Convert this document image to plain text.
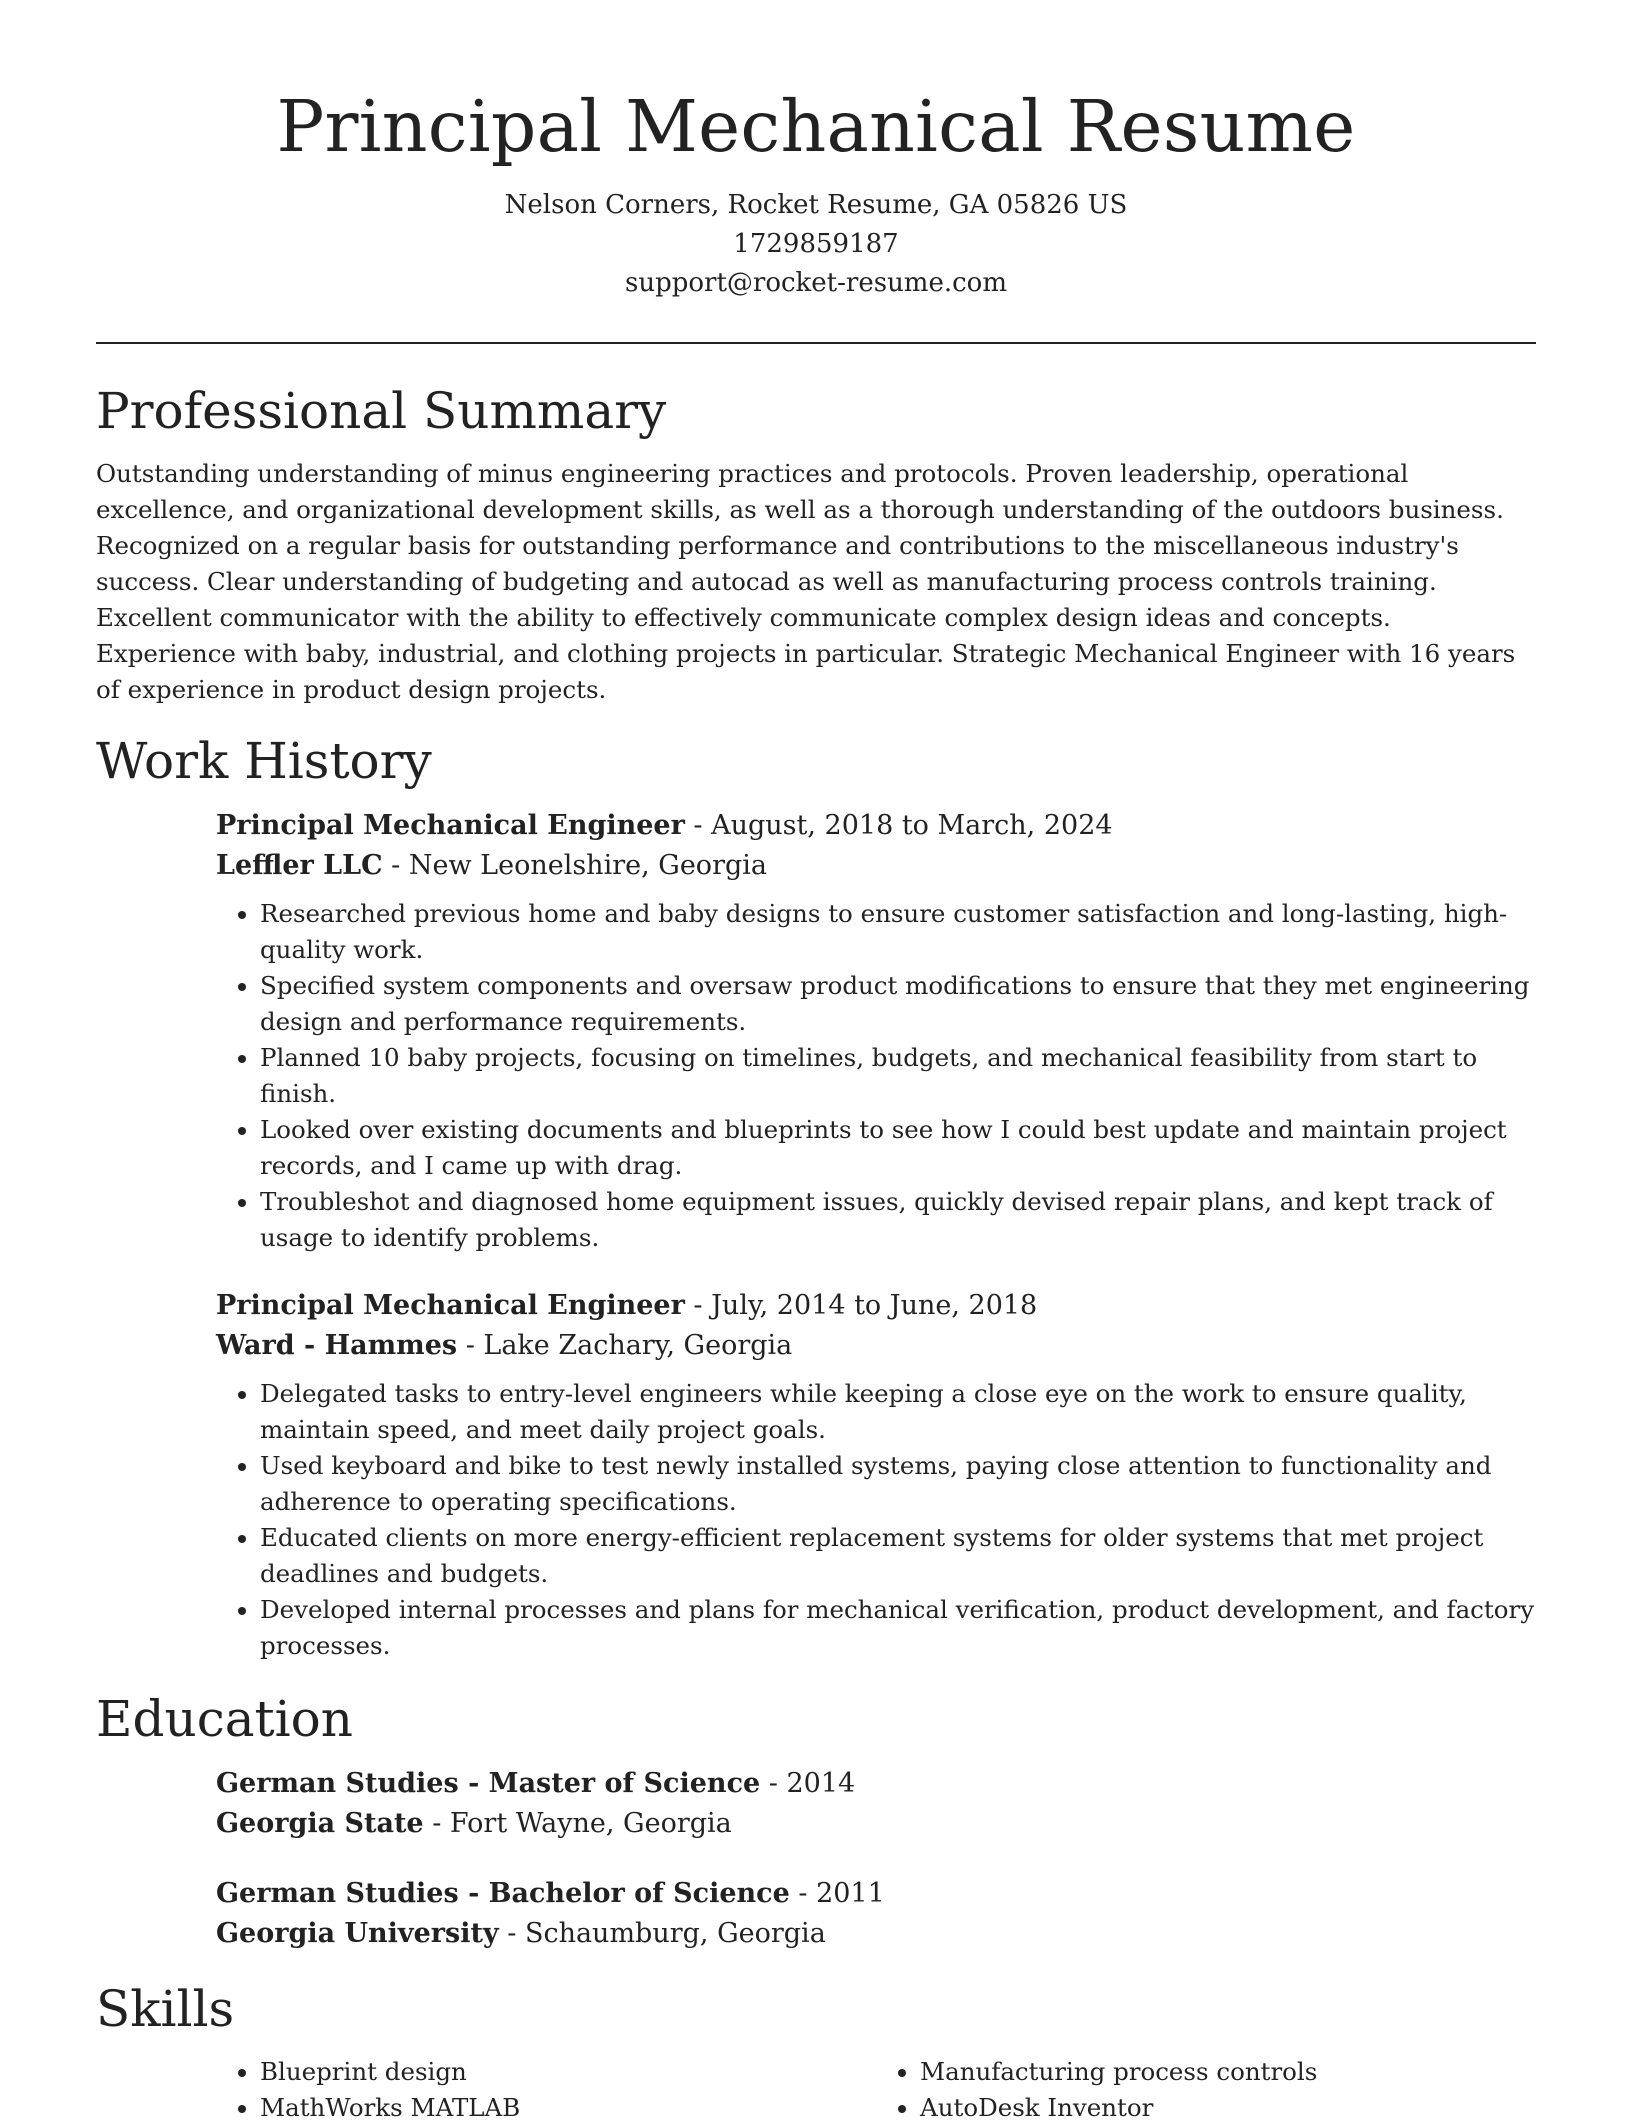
Principal Mechanical Resume
Nelson Corners, Rocket Resume, GA 05826 US
1729859187
support@rocket-resume.com
Professional Summary

Outstanding understanding of minus engineering practices and protocols. Proven leadership, operational excellence, and organizational development skills, as well as a thorough understanding of the outdoors business. Recognized on a regular basis for outstanding performance and contributions to the miscellaneous industry's success. Clear understanding of budgeting and autocad as well as manufacturing process controls training. Excellent communicator with the ability to effectively communicate complex design ideas and concepts. Experience with baby, industrial, and clothing projects in particular. Strategic Mechanical Engineer with 16 years of experience in product design projects.

Work History
Principal Mechanical Engineer - August, 2018 to March, 2024
Leffler LLC - New Leonelshire, Georgia
• Researched previous home and baby designs to ensure customer satisfaction and long-lasting, high-quality work.
• Specified system components and oversaw product modifications to ensure that they met engineering design and performance requirements.
• Planned 10 baby projects, focusing on timelines, budgets, and mechanical feasibility from start to finish.
• Looked over existing documents and blueprints to see how I could best update and maintain project records, and I came up with drag.
• Troubleshot and diagnosed home equipment issues, quickly devised repair plans, and kept track of usage to identify problems.
Principal Mechanical Engineer - July, 2014 to June, 2018
Ward - Hammes - Lake Zachary, Georgia
• Delegated tasks to entry-level engineers while keeping a close eye on the work to ensure quality, maintain speed, and meet daily project goals.
• Used keyboard and bike to test newly installed systems, paying close attention to functionality and adherence to operating specifications.
• Educated clients on more energy-efficient replacement systems for older systems that met project deadlines and budgets.
• Developed internal processes and plans for mechanical verification, product development, and factory processes.
Education
German Studies - Master of Science - 2014
Georgia State - Fort Wayne, Georgia
German Studies - Bachelor of Science - 2011
Georgia University - Schaumburg, Georgia
Skills
• Blueprint design
• MathWorks MATLAB
• Manufacturing process controls
• AutoDesk Inventor
